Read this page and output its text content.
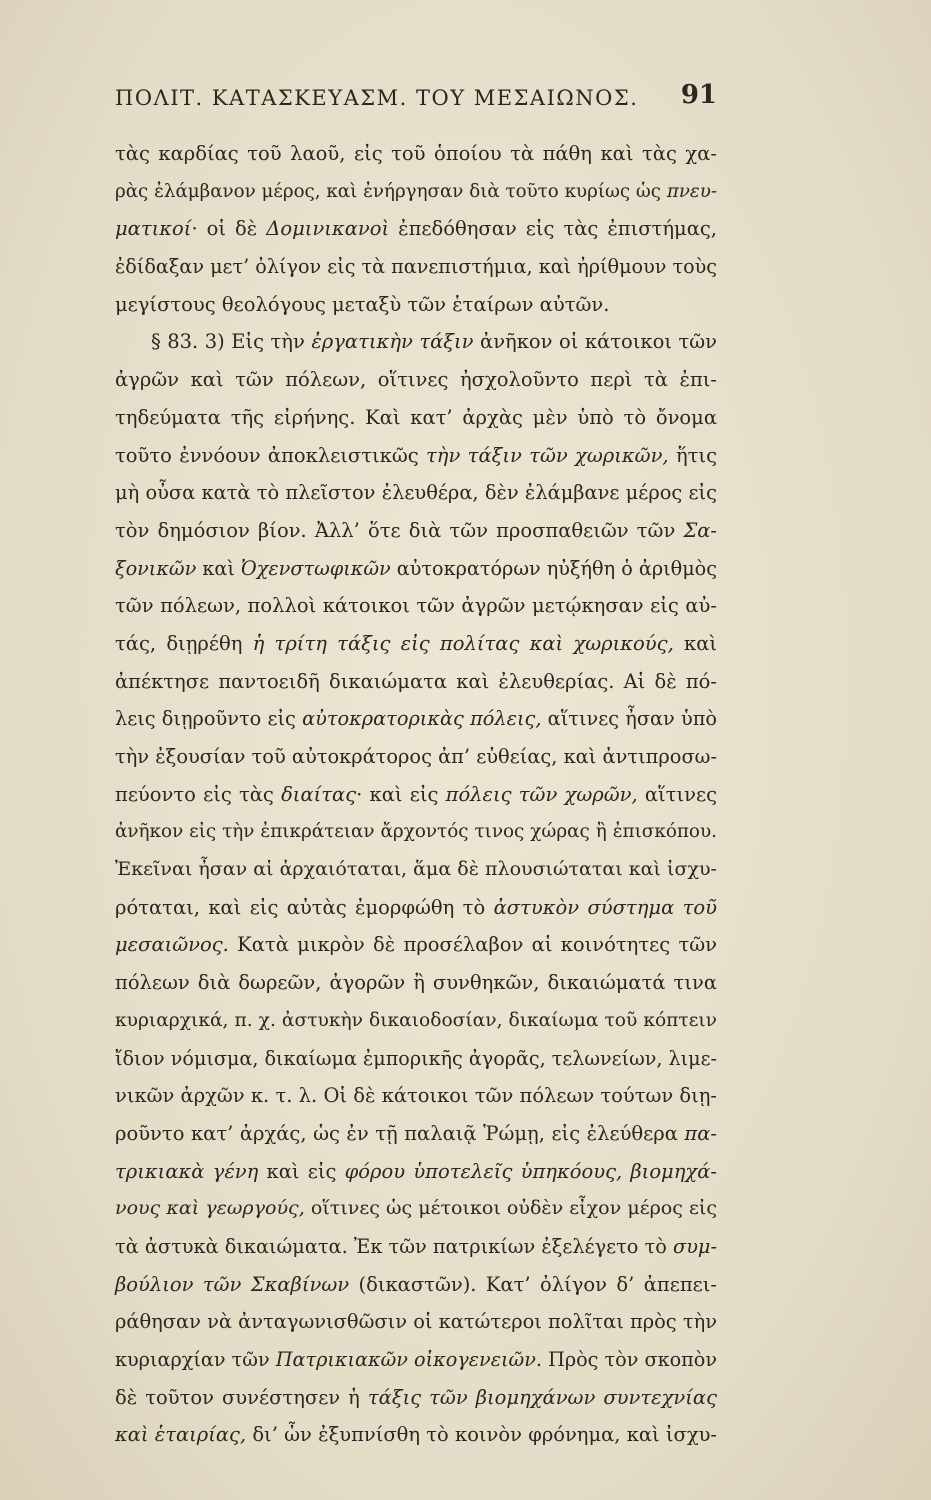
ΠΟΛΙΤ. ΚΑΤΑΣΚΕΥΑΣΜ. ΤΟΥ ΜΕΣΑΙΩΝΟΣ. 91
τὰς καρδίας τοῦ λαοῦ, εἰς τοῦ ὁποίου τὰ πάθη καὶ τὰς χα-
ρὰς ἐλάμβανον μέρος, καὶ ἐνήργησαν διὰ τοῦτο κυρίως ὡς πνευ-
ματικοί· οἱ δὲ Δομινικανοὶ ἐπεδόθησαν εἰς τὰς ἐπιστήμας,
ἐδίδαξαν μετ’ ὀλίγον εἰς τὰ πανεπιστήμια, καὶ ἠρίθμουν τοὺς
μεγίστους θεολόγους μεταξὺ τῶν ἑταίρων αὐτῶν.
§ 83. 3) Εἰς τὴν ἐργατικὴν τάξιν ἀνῆκον οἱ κάτοικοι τῶν
ἀγρῶν καὶ τῶν πόλεων, οἵτινες ἠσχολοῦντο περὶ τὰ ἐπι-
τηδεύματα τῆς εἰρήνης. Καὶ κατ’ ἀρχὰς μὲν ὑπὸ τὸ ὄνομα
τοῦτο ἐννόουν ἀποκλειστικῶς τὴν τάξιν τῶν χωρικῶν, ἥτις
μὴ οὖσα κατὰ τὸ πλεῖστον ἐλευθέρα, δὲν ἐλάμβανε μέρος εἰς
τὸν δημόσιον βίον. Ἀλλ’ ὅτε διὰ τῶν προσπαθειῶν τῶν Σα-
ξονικῶν καὶ Ὀχενστωφικῶν αὐτοκρατόρων ηὐξήθη ὁ ἀριθμὸς
τῶν πόλεων, πολλοὶ κάτοικοι τῶν ἀγρῶν μετῴκησαν εἰς αὐ-
τάς, διῃρέθη ἡ τρίτη τάξις εἰς πολίτας καὶ χωρικούς, καὶ
ἀπέκτησε παντοειδῆ δικαιώματα καὶ ἐλευθερίας. Αἱ δὲ πό-
λεις διῃροῦντο εἰς αὐτοκρατορικὰς πόλεις, αἵτινες ἦσαν ὑπὸ
τὴν ἐξουσίαν τοῦ αὐτοκράτορος ἀπ’ εὐθείας, καὶ ἀντιπροσω-
πεύοντο εἰς τὰς διαίτας· καὶ εἰς πόλεις τῶν χωρῶν, αἵτινες
ἀνῆκον εἰς τὴν ἐπικράτειαν ἄρχοντός τινος χώρας ἢ ἐπισκόπου.
Ἐκεῖναι ἦσαν αἱ ἀρχαιόταται, ἅμα δὲ πλουσιώταται καὶ ἰσχυ-
ρόταται, καὶ εἰς αὐτὰς ἐμορφώθη τὸ ἀστυκὸν σύστημα τοῦ
μεσαιῶνος. Κατὰ μικρὸν δὲ προσέλαβον αἱ κοινότητες τῶν
πόλεων διὰ δωρεῶν, ἀγορῶν ἢ συνθηκῶν, δικαιώματά τινα
κυριαρχικά, π. χ. ἀστυκὴν δικαιοδοσίαν, δικαίωμα τοῦ κόπτειν
ἴδιον νόμισμα, δικαίωμα ἐμπορικῆς ἀγορᾶς, τελωνείων, λιμε-
νικῶν ἀρχῶν κ. τ. λ. Οἱ δὲ κάτοικοι τῶν πόλεων τούτων διῃ-
ροῦντο κατ’ ἀρχάς, ὡς ἐν τῇ παλαιᾷ Ῥώμῃ, εἰς ἐλεύθερα πα-
τρικιακὰ γένη καὶ εἰς φόρου ὑποτελεῖς ὑπηκόους, βιομηχά-
νους καὶ γεωργούς, οἵτινες ὡς μέτοικοι οὐδὲν εἶχον μέρος εἰς
τὰ ἀστυκὰ δικαιώματα. Ἐκ τῶν πατρικίων ἐξελέγετο τὸ συμ-
βούλιον τῶν Σκαβίνων (δικαστῶν). Κατ’ ὀλίγον δ’ ἀπεπει-
ράθησαν νὰ ἀνταγωνισθῶσιν οἱ κατώτεροι πολῖται πρὸς τὴν
κυριαρχίαν τῶν Πατρικιακῶν οἰκογενειῶν. Πρὸς τὸν σκοπὸν
δὲ τοῦτον συνέστησεν ἡ τάξις τῶν βιομηχάνων συντεχνίας
καὶ ἑταιρίας, δι’ ὧν ἐξυπνίσθη τὸ κοινὸν φρόνημα, καὶ ἰσχυ-
